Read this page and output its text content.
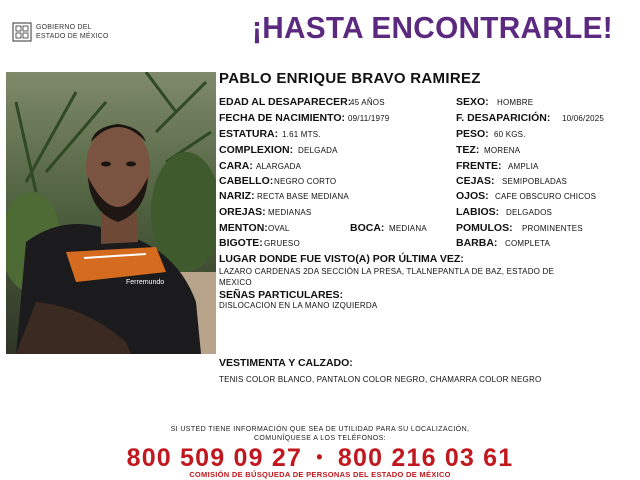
GOBIERNO DEL
ESTADO DE MÉXICO	¡HASTA ENCONTRARLE!
Ferremundo
PABLO ENRIQUE BRAVO RAMIREZ
EDAD AL DESAPARECER:
45 AÑOS
FECHA DE NACIMIENTO: 09/11/1979
ESTATURA: 1.61 MTS.
COMPLEXION: DELGADA
CARA: ALARGADA
CABELLO: NEGRO CORTO
NARIZ: RECTA BASE MEDIANA
OREJAS: MEDIANAS
MENTON: OVAL	BOCA: MEDIANA
BIGOTE: GRUESO
SEXO: HOMBRE
F. DESAPARICIÓN: 10/06/2025
PESO: 60 KGS.
TEZ: MORENA
FRENTE: AMPLIA
CEJAS: SEMIPOBLADAS
OJOS: CAFE OBSCURO CHICOS
LABIOS: DELGADOS
POMULOS: PROMINENTES
BARBA: COMPLETA
LUGAR DONDE FUE VISTO(A) POR ÚLTIMA VEZ:
LAZARO CARDENAS 2DA SECCIÓN LA PRESA, TLALNEPANTLA DE BAZ, ESTADO DE
MEXICO
SEÑAS PARTICULARES:
DISLOCACION EN LA MANO IZQUIERDA
VESTIMENTA Y CALZADO:
TENIS COLOR BLANCO, PANTALON COLOR NEGRO, CHAMARRA COLOR NEGRO
SI USTED TIENE INFORMACIÓN QUE SEA DE UTILIDAD PARA SU LOCALIZACIÓN,
COMUNÍQUESE A LOS TELÉFONOS:
800 509 09 27 • 800 216 03 61
COMISIÓN DE BÚSQUEDA DE PERSONAS DEL ESTADO DE MÉXICO
